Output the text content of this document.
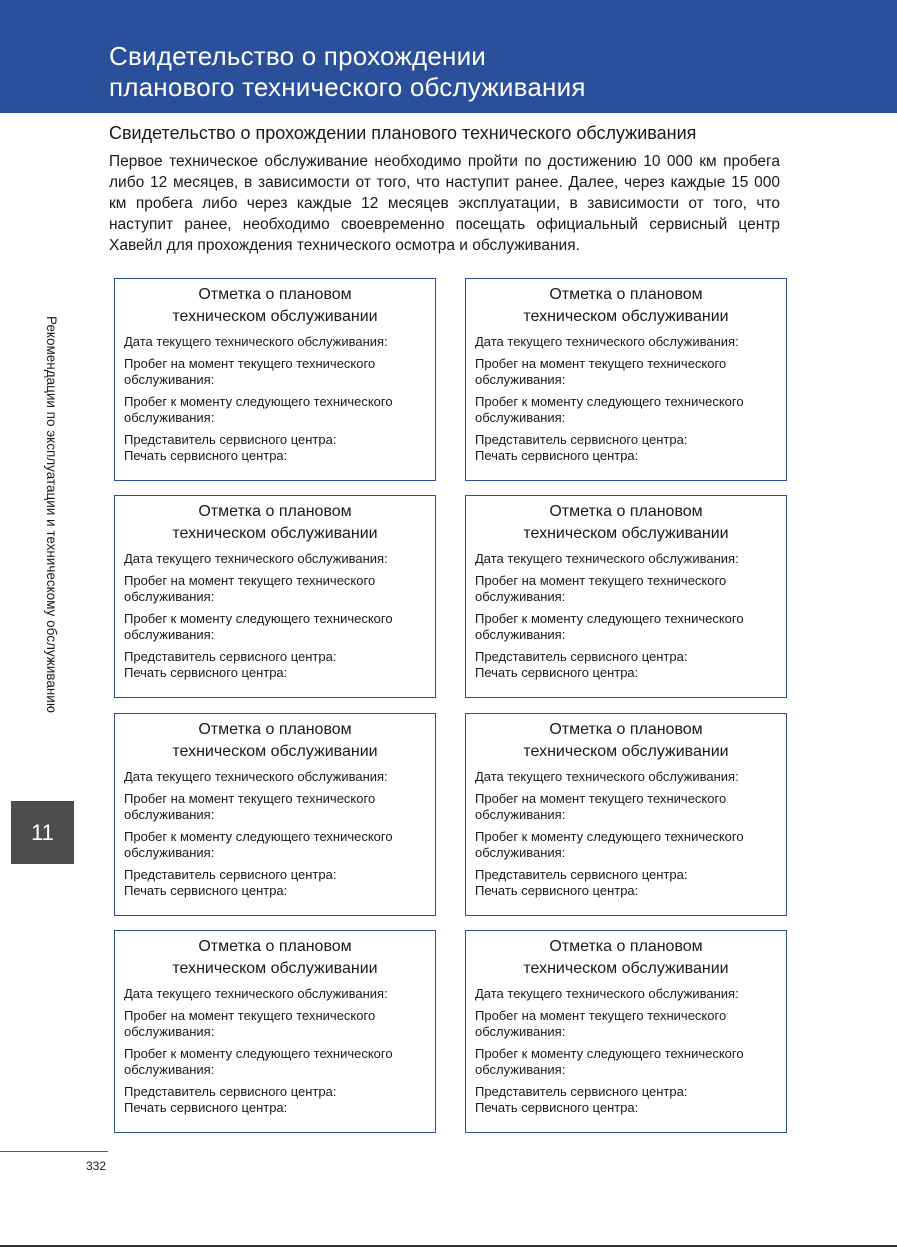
Свидетельство о прохождении
планового технического обслуживания
Свидетельство о прохождении планового технического обслуживания
Первое техническое обслуживание необходимо пройти по достижению 10 000 км пробега либо 12 месяцев, в зависимости от того, что наступит ранее. Далее, через каждые 15 000 км пробега либо через каждые 12 месяцев эксплуатации, в зависимости от того, что наступит ранее, необходимо своевременно посещать официальный сервисный центр Хавейл для прохождения технического осмотра и обслуживания.
Рекомендации по эксплуатации и техническому обслуживанию
11
Отметка о плановом
техническом обслуживании
Дата текущего технического обслуживания:
Пробег на момент текущего технического обслуживания:
Пробег к моменту следующего технического обслуживания:
Представитель сервисного центра:
Печать сервисного центра:
Отметка о плановом
техническом обслуживании
Дата текущего технического обслуживания:
Пробег на момент текущего технического обслуживания:
Пробег к моменту следующего технического обслуживания:
Представитель сервисного центра:
Печать сервисного центра:
Отметка о плановом
техническом обслуживании
Дата текущего технического обслуживания:
Пробег на момент текущего технического обслуживания:
Пробег к моменту следующего технического обслуживания:
Представитель сервисного центра:
Печать сервисного центра:
Отметка о плановом
техническом обслуживании
Дата текущего технического обслуживания:
Пробег на момент текущего технического обслуживания:
Пробег к моменту следующего технического обслуживания:
Представитель сервисного центра:
Печать сервисного центра:
Отметка о плановом
техническом обслуживании
Дата текущего технического обслуживания:
Пробег на момент текущего технического обслуживания:
Пробег к моменту следующего технического обслуживания:
Представитель сервисного центра:
Печать сервисного центра:
Отметка о плановом
техническом обслуживании
Дата текущего технического обслуживания:
Пробег на момент текущего технического обслуживания:
Пробег к моменту следующего технического обслуживания:
Представитель сервисного центра:
Печать сервисного центра:
Отметка о плановом
техническом обслуживании
Дата текущего технического обслуживания:
Пробег на момент текущего технического обслуживания:
Пробег к моменту следующего технического обслуживания:
Представитель сервисного центра:
Печать сервисного центра:
Отметка о плановом
техническом обслуживании
Дата текущего технического обслуживания:
Пробег на момент текущего технического обслуживания:
Пробег к моменту следующего технического обслуживания:
Представитель сервисного центра:
Печать сервисного центра:
332
